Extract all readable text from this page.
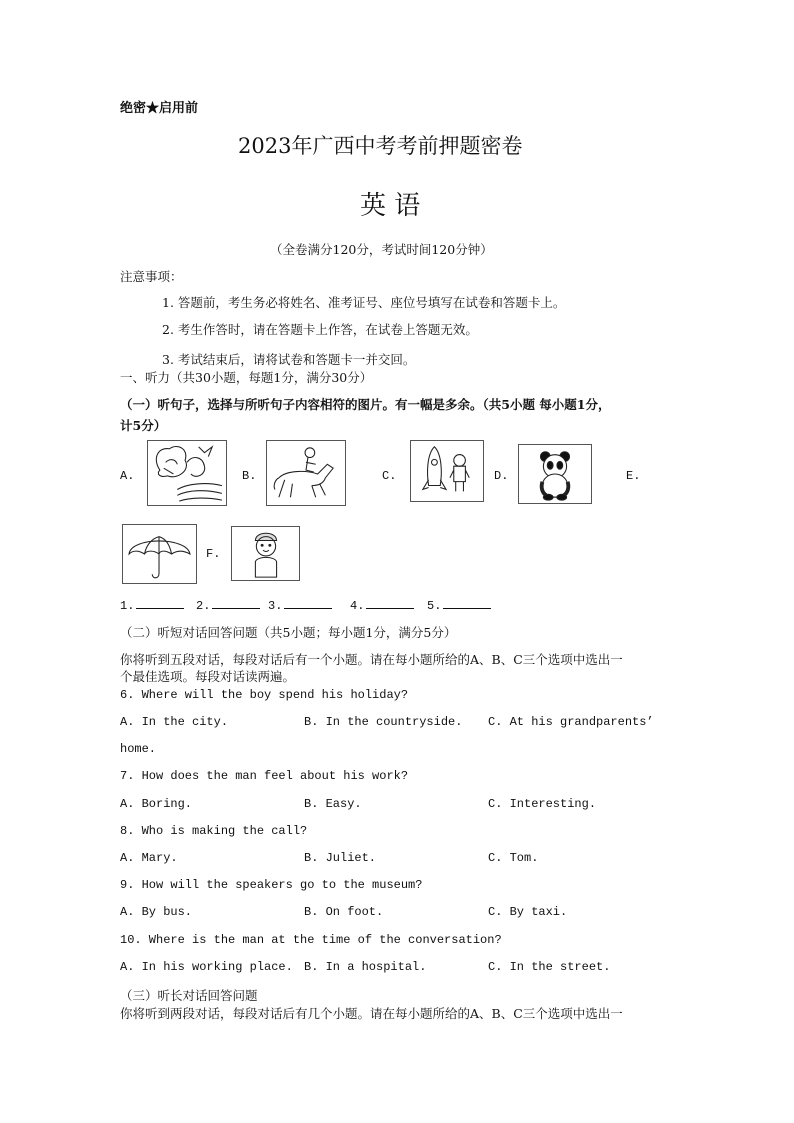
绝密★启用前
2023年广西中考考前押题密卷
英 语
（全卷满分120分，考试时间120分钟）
注意事项：
1. 答题前，考生务必将姓名、准考证号、座位号填写在试卷和答题卡上。
2. 考生作答时，请在答题卡上作答，在试卷上答题无效。
3. 考试结束后，请将试卷和答题卡一并交回。
一、听力（共30小题，每题1分，满分30分）
（一）听句子，选择与所听句子内容相符的图片。有一幅是多余。（共5小题 每小题1分，
计5分）
A.	B.	C.	D.	E.
F.
1.	2.	3.	4.	5.
（二）听短对话回答问题（共5小题；每小题1分，满分5分）
你将听到五段对话，每段对话后有一个小题。请在每小题所给的A、B、C三个选项中选出一
个最佳选项。每段对话读两遍。
6. Where will the boy spend his holiday?
A. In the city.	B. In the countryside. C. At his grandparents’
home.
7. How does the man feel about his work?
A. Boring.	B. Easy.	C. Interesting.
8. Who is making the call?
A. Mary.	B. Juliet.	C. Tom.
9. How will the speakers go to the museum?
A. By bus.	B. On foot.	C. By taxi.
10. Where is the man at the time of the conversation?
A. In his working place. B. In a hospital.	C. In the street.
（三）听长对话回答问题
你将听到两段对话，每段对话后有几个小题。请在每小题所给的A、B、C三个选项中选出一
